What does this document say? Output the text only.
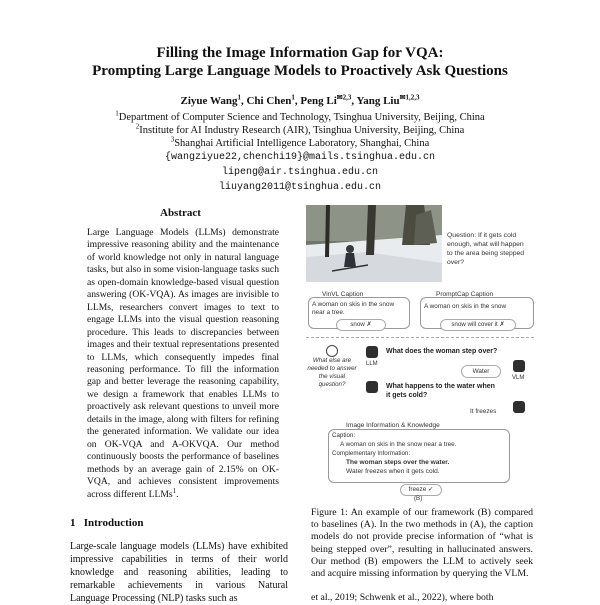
Filling the Image Information Gap for VQA:
Prompting Large Language Models to Proactively Ask Questions
Ziyue Wang$^1$, Chi Chen$^1$, Peng $Li^{✉2,3}$, Yang Liu$^{✉1,2,3}$
$^1$Department of Computer Science and Technology, Tsinghua University, Beijing, China
$^2$Institute for AI Industry Research (AIR), Tsinghua University, Beijing, China
$^3$Shanghai Artificial Intelligence Laboratory, Shanghai, China
{wangziyue22,chenchi19}@mails.tsinghua.edu.cn
lipeng@air.tsinghua.edu.cn
liuyang2011@tsinghua.edu.cn
Abstract
Large Language Models (LLMs) demonstrate impressive reasoning ability and the maintenance of world knowledge not only in natural language tasks, but also in some vision-language tasks such as open-domain knowledge-based visual question answering (OK-VQA). As images are invisible to LLMs, researchers convert images to text to engage LLMs into the visual question reasoning procedure. This leads to discrepancies between images and their textual representations presented to LLMs, which consequently impedes final reasoning performance. To fill the information gap and better leverage the reasoning capability, we design a framework that enables LLMs to proactively ask relevant questions to unveil more details in the image, along with filters for refining the generated information. We validate our idea on OK-VQA and A-OKVQA. Our method continuously boosts the performance of baselines methods by an average gain of 2.15% on OK-VQA, and achieves consistent improvements across different LLMs$^1$.
1 Introduction
Large-scale language models (LLMs) have exhibited impressive capabilities in terms of their world knowledge and reasoning abilities, leading to remarkable achievements in various Natural Language Processing (NLP) tasks such as
Question: If it gets cold enough, what will happen to the area being stepped over?
VinVL Caption
A woman on skis in the snow near a tree.
snow ✗
PromptCap Caption
A woman on skis in the snow
snow will cover it ✗
What else are needed to answer the visual question?
LLM
What does the woman step over?
Water
VLM
What happens to the water when it gets cold?
It freezes
Image Information & Knowledge
Caption:
A woman on skis in the snow near a tree.
Complementary Information:
The woman steps over the water.
Water freezes when it gets cold.
freeze ✓
(B)
Figure 1: An example of our framework (B) compared to baselines (A). In the two methods in (A), the caption models do not provide precise information of “what is being stepped over”, resulting in hallucinated answers. Our method (B) empowers the LLM to actively seek and acquire missing information by querying the VLM.
et al., 2019; Schwenk et al., 2022), where both
